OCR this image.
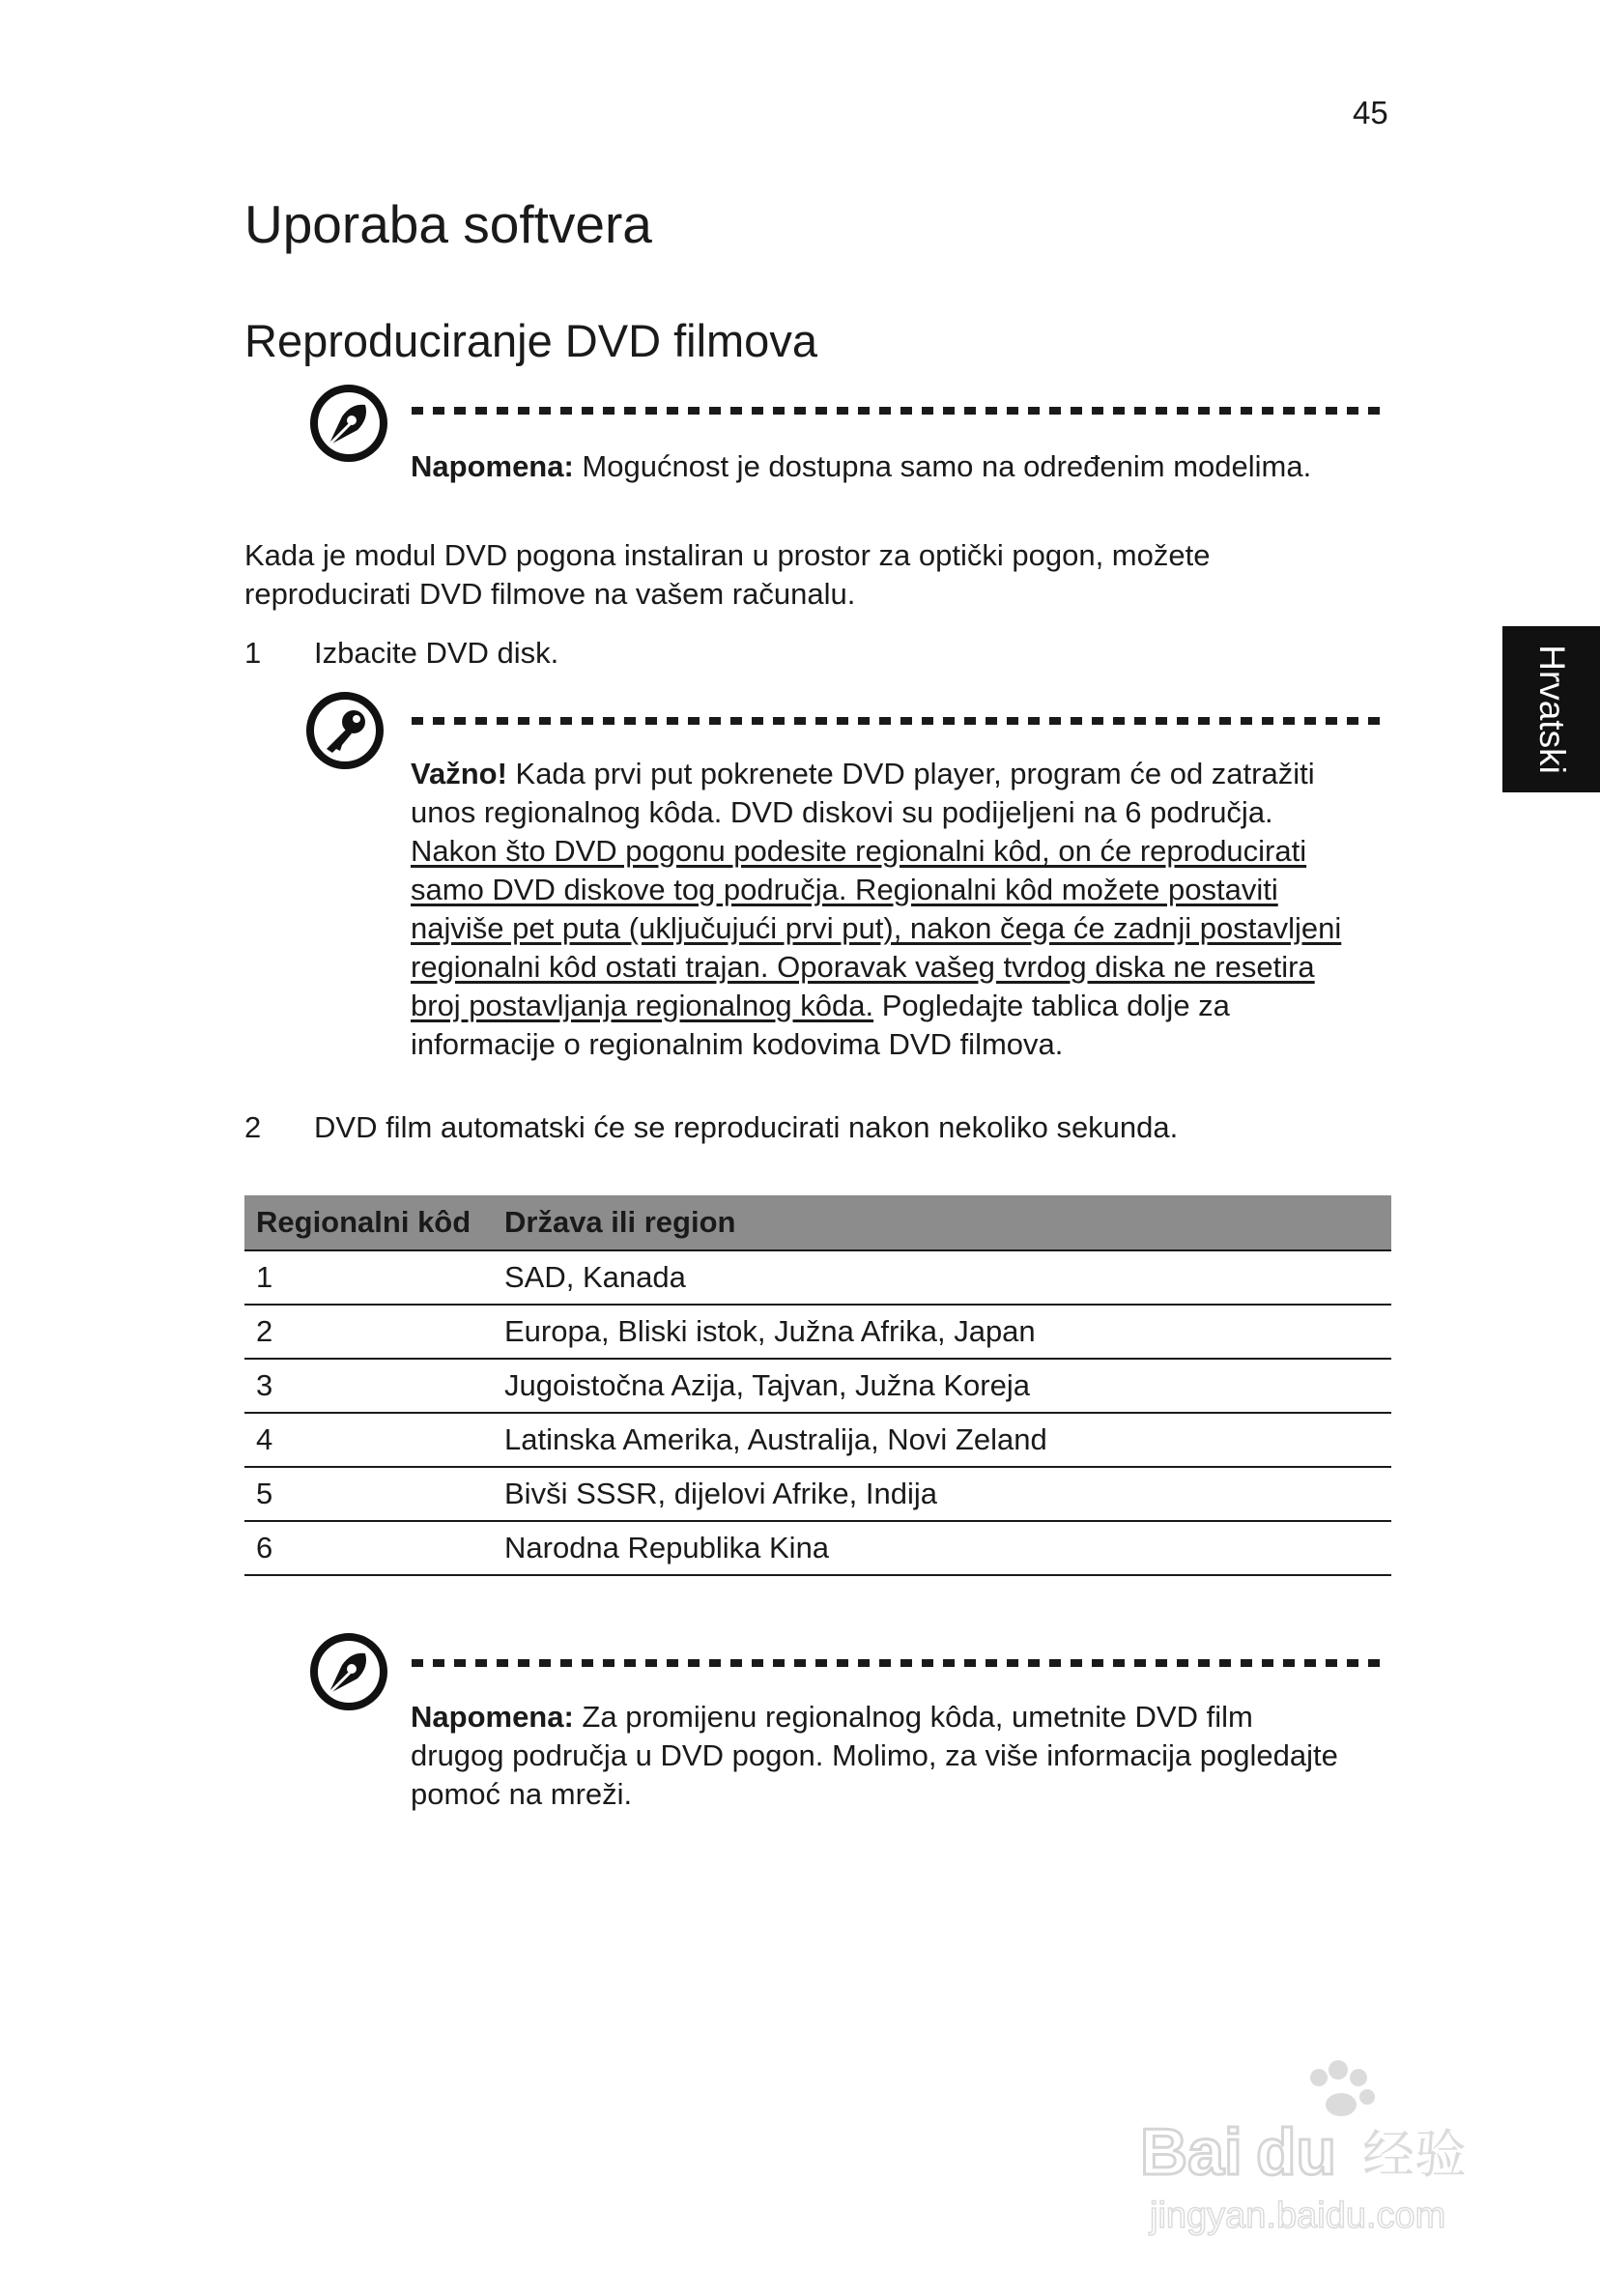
45
Hrvatski
Uporaba softvera
Reproduciranje DVD filmova

Napomena: Mogućnost je dostupna samo na određenim modelima.

Kada je modul DVD pogona instaliran u prostor za optički pogon, možete
reproducirati DVD filmove na vašem računalu.

1 Izbacite DVD disk.

Važno! Kada prvi put pokrenete DVD player, program će od zatražiti
unos regionalnog kôda. DVD diskovi su podijeljeni na 6 područja.
Nakon što DVD pogonu podesite regionalni kôd, on će reproducirati
samo DVD diskove tog područja. Regionalni kôd možete postaviti
najviše pet puta (uključujući prvi put), nakon čega će zadnji postavljeni
regionalni kôd ostati trajan. Oporavak vašeg tvrdog diska ne resetira
broj postavljanja regionalnog kôda. Pogledajte tablica dolje za
informacije o regionalnim kodovima DVD filmova.

2 DVD film automatski će se reproducirati nakon nekoliko sekunda.
Regionalni kôd	Država ili region
1	SAD, Kanada
2	Europa, Bliski istok, Južna Afrika, Japan
3	Jugoistočna Azija, Tajvan, Južna Koreja
4	Latinska Amerika, Australija, Novi Zeland
5	Bivši SSSR, dijelovi Afrike, Indija
6	Narodna Republika Kina

Napomena: Za promijenu regionalnog kôda, umetnite DVD film
drugog područja u DVD pogon. Molimo, za više informacija pogledajte
pomoć na mreži.

Bai du 经验
jingyan.baidu.com
